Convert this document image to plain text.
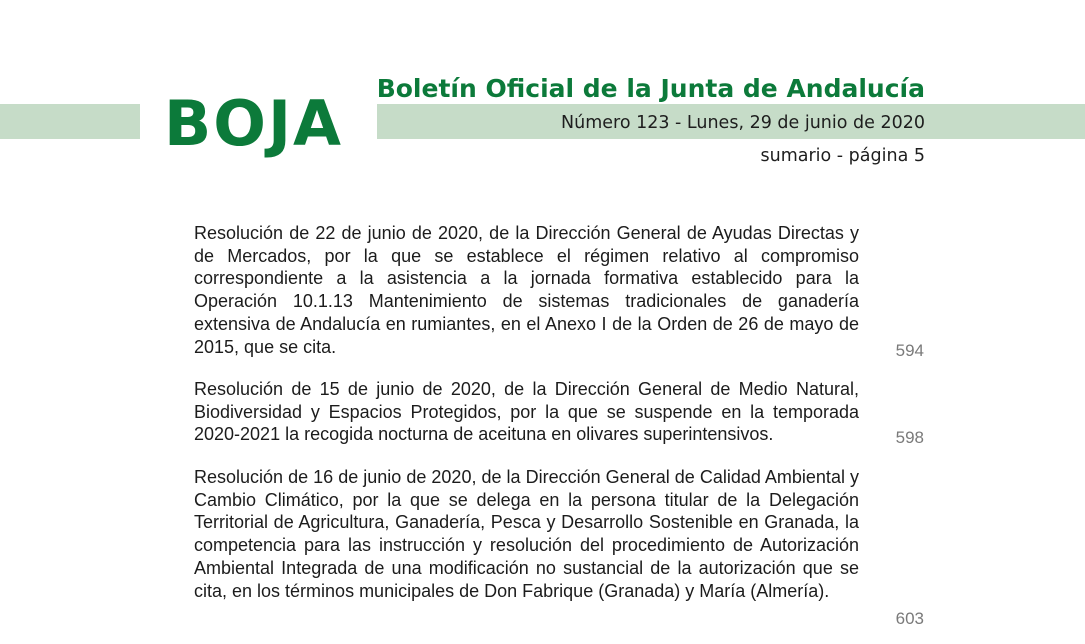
BOJA Boletín Oficial de la Junta de Andalucía
Número 123 - Lunes, 29 de junio de 2020
sumario - página 5

Resolución de 22 de junio de 2020, de la Dirección General de Ayudas Directas y de Mercados, por la que se establece el régimen relativo al compromiso correspondiente a la asistencia a la jornada formativa establecido para la Operación 10.1.13 Mantenimiento de sistemas tradicionales de ganadería extensiva de Andalucía en rumiantes, en el Anexo I de la Orden de 26 de mayo de 2015, que se cita.	594

Resolución de 15 de junio de 2020, de la Dirección General de Medio Natural, Biodiversidad y Espacios Protegidos, por la que se suspende en la temporada 2020-2021 la recogida nocturna de aceituna en olivares superintensivos.	598

Resolución de 16 de junio de 2020, de la Dirección General de Calidad Ambiental y Cambio Climático, por la que se delega en la persona titular de la Delegación Territorial de Agricultura, Ganadería, Pesca y Desarrollo Sostenible en Granada, la competencia para las instrucción y resolución del procedimiento de Autorización Ambiental Integrada de una modificación no sustancial de la autorización que se cita, en los términos municipales de Don Fabrique (Granada) y María (Almería).

603
